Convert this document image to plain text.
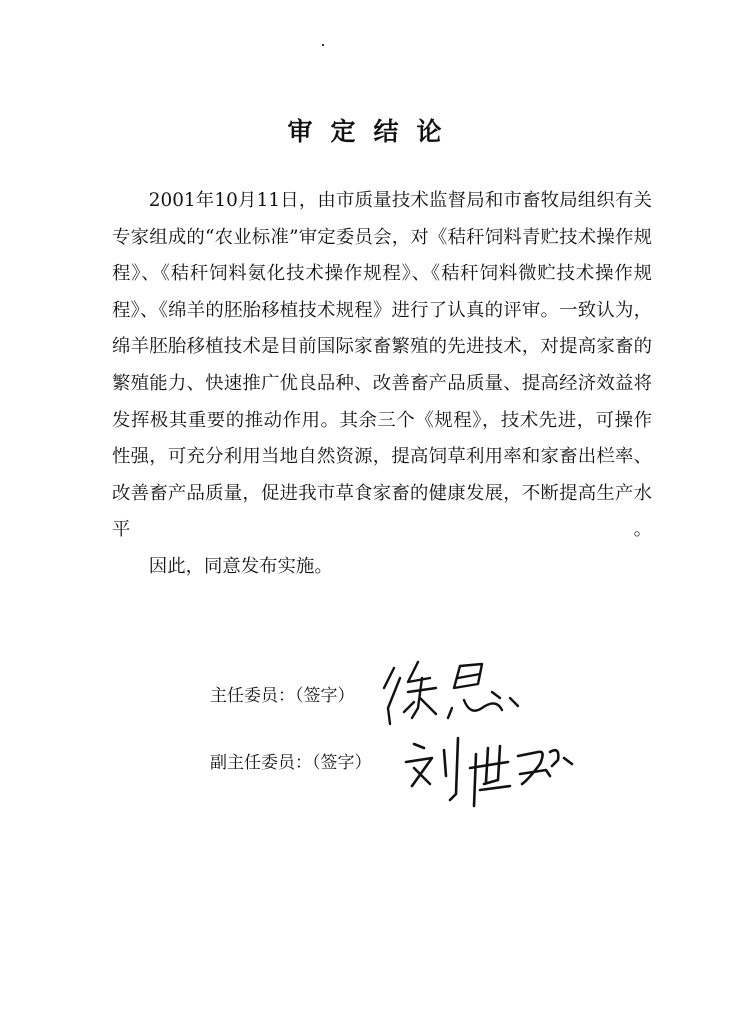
审定结论

2001年10月11日，由市质量技术监督局和市畜牧局组织有关专家组成的“农业标准”审定委员会，对《秸秆饲料青贮技术操作规程》、《秸秆饲料氨化技术操作规程》、《秸秆饲料微贮技术操作规程》、《绵羊的胚胎移植技术规程》进行了认真的评审。一致认为，绵羊胚胎移植技术是目前国际家畜繁殖的先进技术，对提高家畜的繁殖能力、快速推广优良品种、改善畜产品质量、提高经济效益将发挥极其重要的推动作用。其余三个《规程》，技术先进，可操作性强，可充分利用当地自然资源，提高饲草利用率和家畜出栏率、改善畜产品质量，促进我市草食家畜的健康发展，不断提高生产水平。

因此，同意发布实施。

主任委员：（签字）
副主任委员：（签字）
